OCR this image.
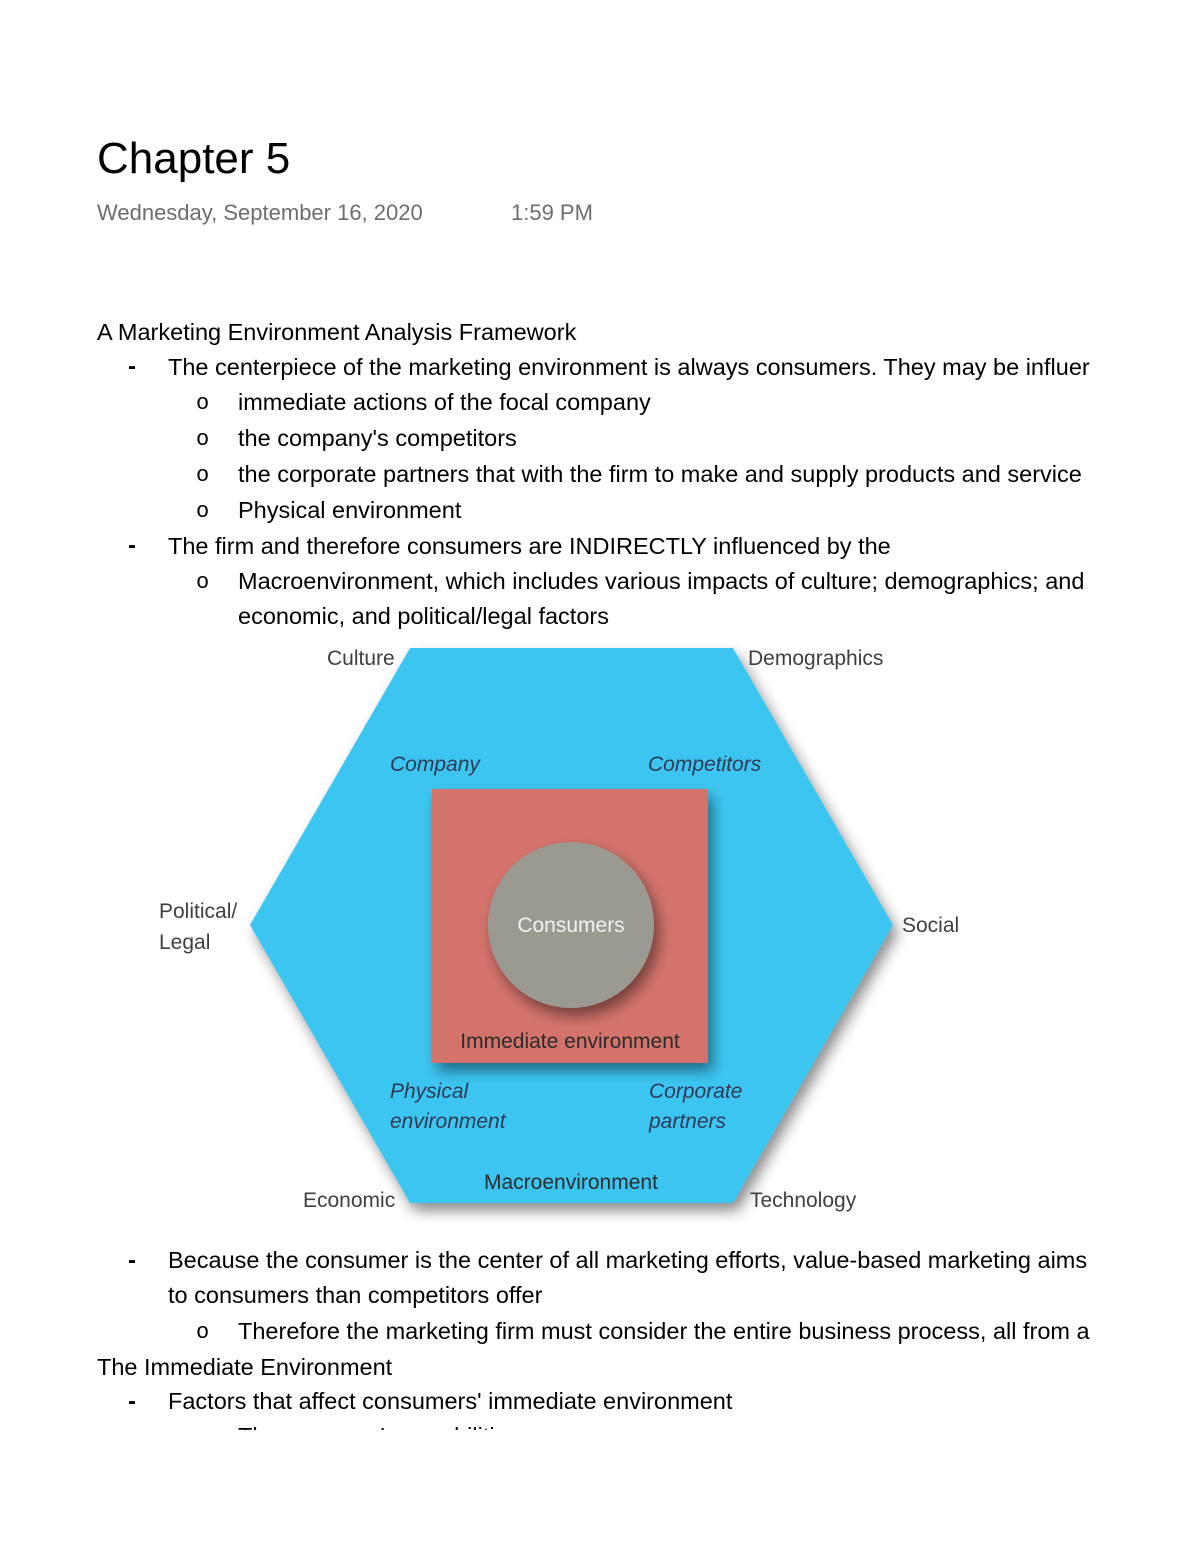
Chapter 5
Wednesday, September 16, 2020	1:59 PM
A Marketing Environment Analysis Framework
- The centerpiece of the marketing environment is always consumers. They may be influer
o immediate actions of the focal company
o the company's competitors
o the corporate partners that with the firm to make and supply products and service
o Physical environment
- The firm and therefore consumers are INDIRECTLY influenced by the
o Macroenvironment, which includes various impacts of culture; demographics; and
economic, and political/legal factors
Culture	Demographics
Political/
Legal
Social
Economic	Technology
Company	Competitors
Physical
environment
Corporate
partners
Macroenvironment
Immediate environment
Consumers
- Because the consumer is the center of all marketing efforts, value-based marketing aims
to consumers than competitors offer
o Therefore the marketing firm must consider the entire business process, all from a
The Immediate Environment
- Factors that affect consumers' immediate environment
